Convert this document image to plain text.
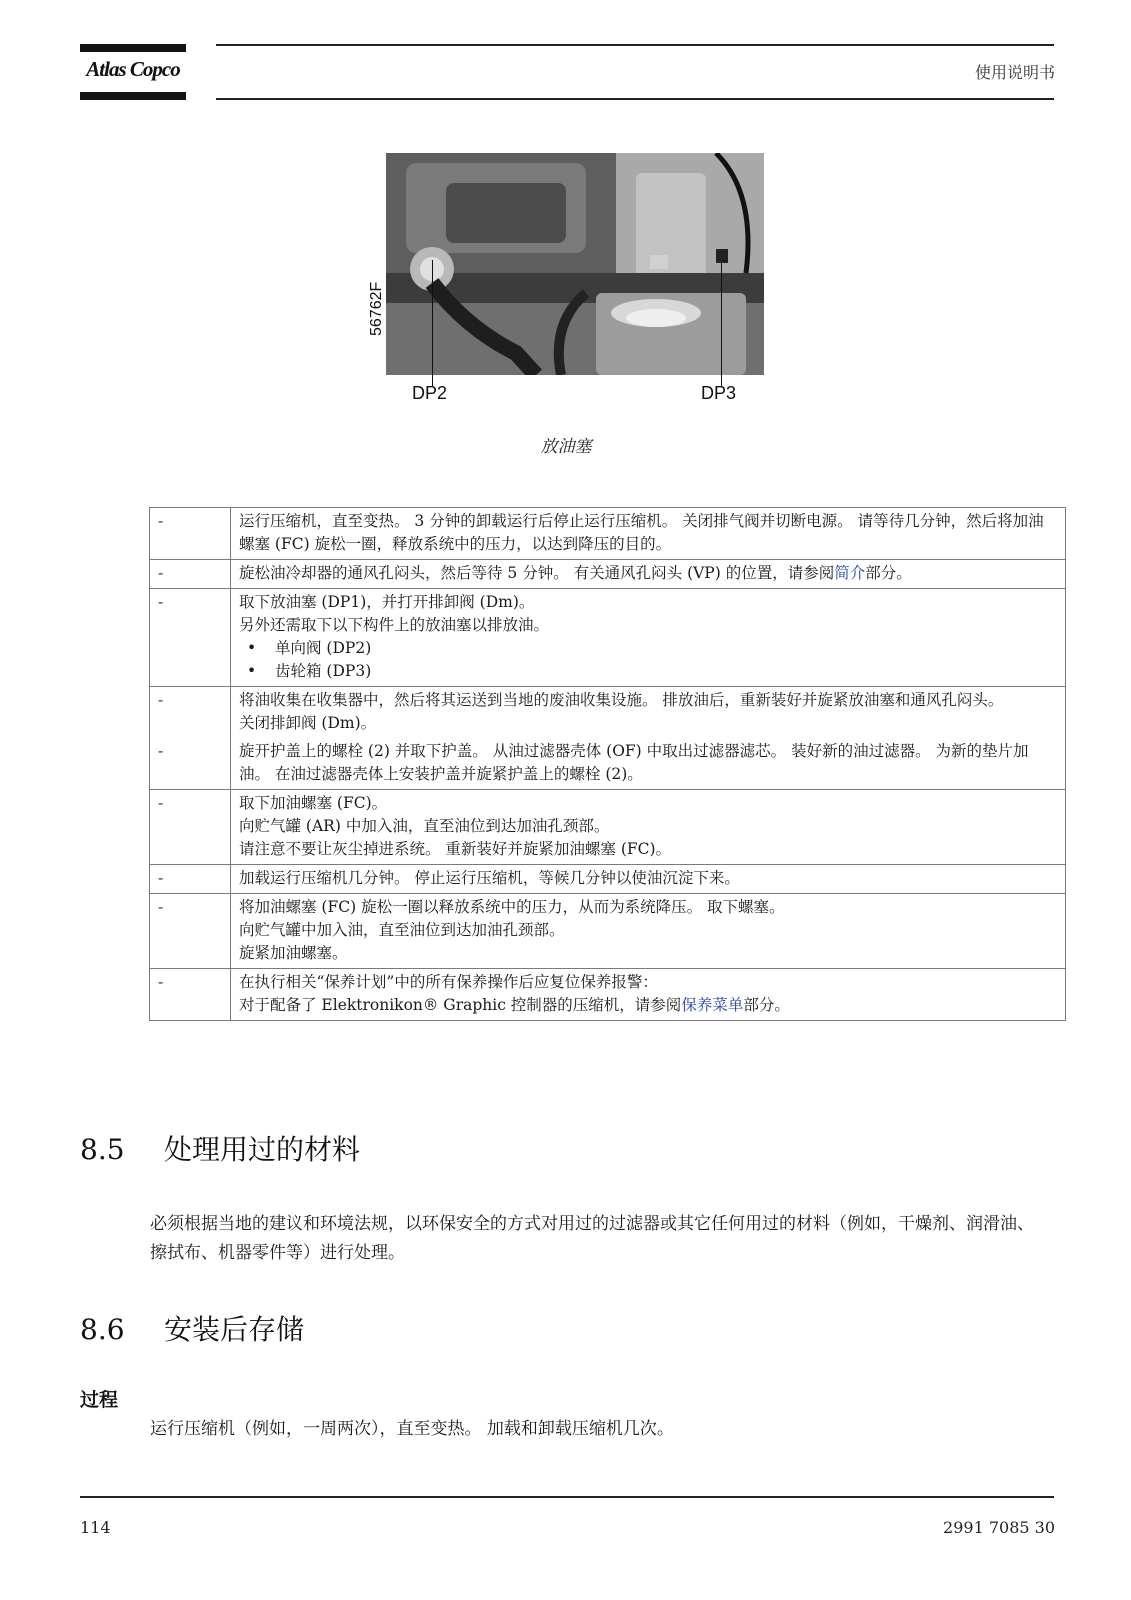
Atlas Copco	使用说明书
56762F
DP2	DP3
放油塞
-	运行压缩机，直至变热。 3 分钟的卸载运行后停止运行压缩机。 关闭排气阀并切断电源。 请等待几分钟，然后将加油螺塞 (FC) 旋松一圈，释放系统中的压力，以达到降压的目的。

-	旋松油冷却器的通风孔闷头，然后等待 5 分钟。 有关通风孔闷头 (VP) 的位置，请参阅简介部分。
-	取下放油塞 (DP1)，并打开排卸阀 (Dm)。
另外还需取下以下构件上的放油塞以排放油。
• 单向阀 (DP2)
• 齿轮箱 (DP3)

-	将油收集在收集器中，然后将其运送到当地的废油收集设施。 排放油后，重新装好并旋紧放油塞和通风孔闷头。
关闭排卸阀 (Dm)。

-	旋开护盖上的螺栓 (2) 并取下护盖。 从油过滤器壳体 (OF) 中取出过滤器滤芯。 装好新的油过滤器。 为新的垫片加油。 在油过滤器壳体上安装护盖并旋紧护盖上的螺栓 (2)。

-	取下加油螺塞 (FC)。
向贮气罐 (AR) 中加入油，直至油位到达加油孔颈部。
请注意不要让灰尘掉进系统。 重新装好并旋紧加油螺塞 (FC)。

-	加载运行压缩机几分钟。 停止运行压缩机，等候几分钟以使油沉淀下来。

-	将加油螺塞 (FC) 旋松一圈以释放系统中的压力，从而为系统降压。 取下螺塞。
向贮气罐中加入油，直至油位到达加油孔颈部。
旋紧加油螺塞。

-	在执行相关“保养计划”中的所有保养操作后应复位保养报警：
对于配备了 Elektronikon® Graphic 控制器的压缩机，请参阅保养菜单部分。
8.5 处理用过的材料
必须根据当地的建议和环境法规，以环保安全的方式对用过的过滤器或其它任何用过的材料（例如，干燥剂、润滑油、擦拭布、机器零件等）进行处理。
8.6 安装后存储
过程
运行压缩机（例如，一周两次），直至变热。 加载和卸载压缩机几次。
114	2991 7085 30
